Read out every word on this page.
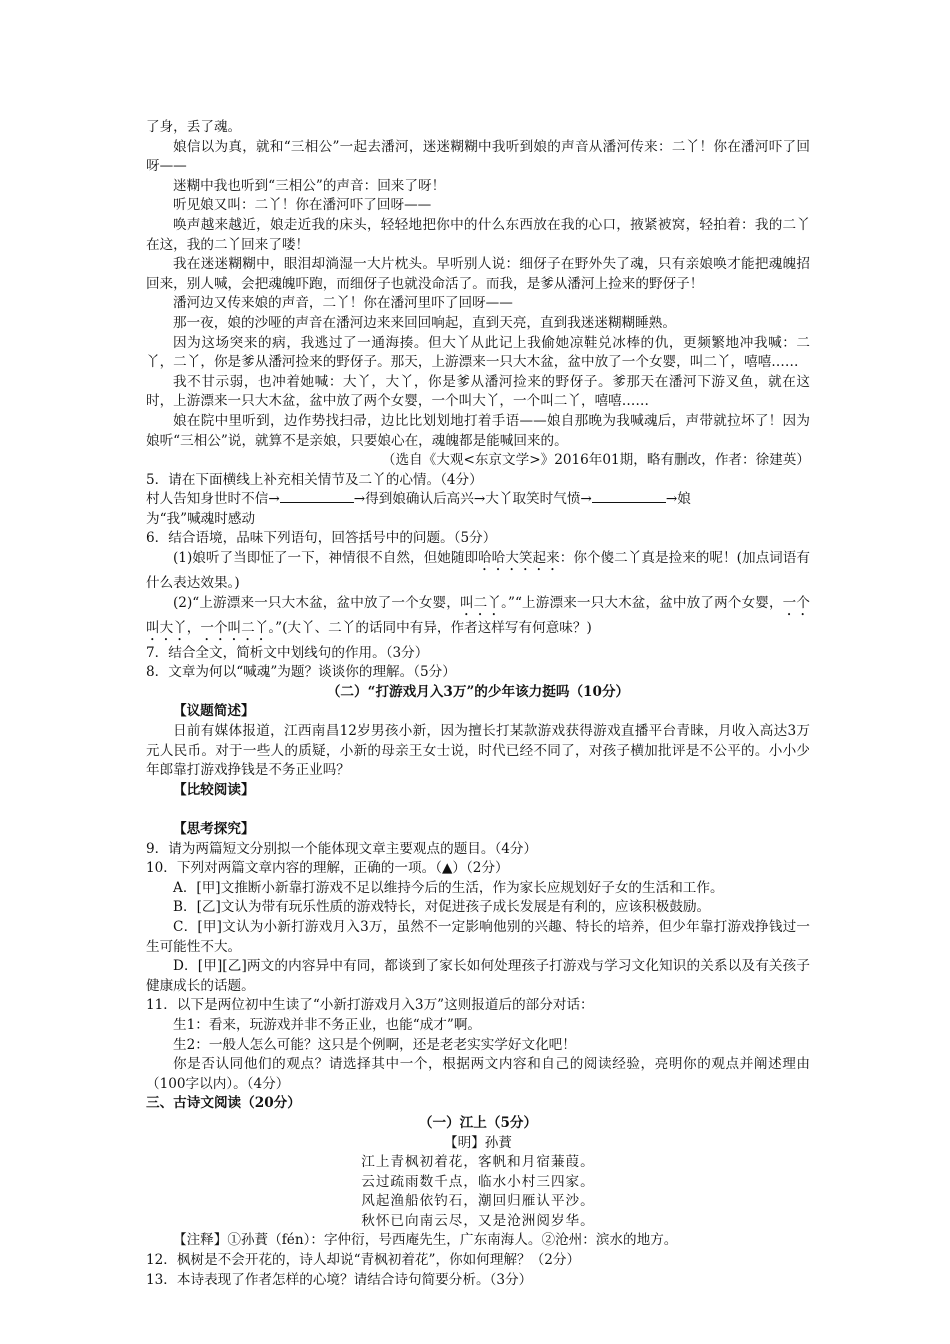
了身，丢了魂。

娘信以为真，就和“三相公”一起去潘河，迷迷糊糊中我听到娘的声音从潘河传来：二丫！你在潘河吓了回呀——

迷糊中我也听到“三相公”的声音：回来了呀！

听见娘又叫：二丫！你在潘河吓了回呀——

唤声越来越近，娘走近我的床头，轻轻地把你中的什么东西放在我的心口，掖紧被窝，轻拍着：我的二丫在这，我的二丫回来了喽！

我在迷迷糊糊中，眼泪却淌湿一大片枕头。早听别人说：细伢子在野外失了魂，只有亲娘唤才能把魂魄招回来，别人喊，会把魂魄吓跑，而细伢子也就没命活了。而我，是爹从潘河上捡来的野伢子！

潘河边又传来娘的声音，二丫！你在潘河里吓了回呀——

那一夜，娘的沙哑的声音在潘河边来来回回响起，直到天亮，直到我迷迷糊糊睡熟。

因为这场突来的病，我逃过了一通海揍。但大丫从此记上我偷她凉鞋兑冰棒的仇，更频繁地冲我喊：二丫，二丫，你是爹从潘河捡来的野伢子。那天，上游漂来一只大木盆，盆中放了一个女婴，叫二丫，嘻嘻……

我不甘示弱，也冲着她喊：大丫，大丫，你是爹从潘河捡来的野伢子。爹那天在潘河下游叉鱼，就在这时，上游漂来一只大木盆，盆中放了两个女婴，一个叫大丫，一个叫二丫，嘻嘻……

娘在院中里听到，边作势找扫帚，边比比划划地打着手语——娘自那晚为我喊魂后，声带就拉坏了！因为娘听“三相公”说，就算不是亲娘，只要娘心在，魂魄都是能喊回来的。

（选自《大观<东京文学>》2016年01期，略有删改，作者：徐建英）

5．请在下面横线上补充相关情节及二丫的心情。（4分）

村人告知身世时不信→	→得到娘确认后高兴→大丫取笑时气愤→	→娘
为“我”喊魂时感动

6．结合语境，品味下列语句，回答括号中的问题。（5分）

(1)娘听了当即怔了一下，神情很不自然，但她随即哈哈大笑起来：你个傻二丫真是捡来的呢！(加点词语有什么表达效果。)

(2)“上游漂来一只大木盆，盆中放了一个女婴，叫二丫。”“上游漂来一只大木盆，盆中放了两个女婴，一个叫大丫，一个叫二丫。”(大丫、二丫的话同中有异，作者这样写有何意味？)

7．结合全文，简析文中划线句的作用。（3分）

8．文章为何以“喊魂”为题？谈谈你的理解。（5分）

（二）“打游戏月入3万”的少年该力挺吗（10分）

【议题简述】

日前有媒体报道，江西南昌12岁男孩小新，因为擅长打某款游戏获得游戏直播平台青睐，月收入高达3万元人民币。对于一些人的质疑，小新的母亲王女士说，时代已经不同了，对孩子横加批评是不公平的。小小少年郎靠打游戏挣钱是不务正业吗？

【比较阅读】

【思考探究】

9．请为两篇短文分别拟一个能体现文章主要观点的题目。（4分）

10．下列对两篇文章内容的理解，正确的一项。（▲）（2分）

A．[甲]文推断小新靠打游戏不足以维持今后的生活，作为家长应规划好子女的生活和工作。

B．[乙]文认为带有玩乐性质的游戏特长，对促进孩子成长发展是有利的，应该积极鼓励。

C．[甲]文认为小新打游戏月入3万，虽然不一定影响他别的兴趣、特长的培养，但少年靠打游戏挣钱过一生可能性不大。

D．[甲][乙]两文的内容异中有同，都谈到了家长如何处理孩子打游戏与学习文化知识的关系以及有关孩子健康成长的话题。

11．以下是两位初中生读了“小新打游戏月入3万”这则报道后的部分对话：

生1：看来，玩游戏并非不务正业，也能“成才”啊。

生2：一般人怎么可能？这只是个例啊，还是老老实实学好文化吧！

你是否认同他们的观点？请选择其中一个，根据两文内容和自己的阅读经验，亮明你的观点并阐述理由（100字以内）。（4分）

三、古诗文阅读（20分）

（一）江上（5分）

【明】孙蕡

江上青枫初着花，客帆和月宿蒹葭。

云过疏雨数千点，临水小村三四家。

风起渔船依钓石，潮回归雁认平沙。

秋怀已向南云尽，又是沧洲阅岁华。

【注释】①孙蕡（fén）：字仲衍，号西庵先生，广东南海人。②沧州：滨水的地方。

12．枫树是不会开花的，诗人却说“青枫初着花”，你如何理解？（2分）

13．本诗表现了作者怎样的心境？请结合诗句简要分析。（3分）
